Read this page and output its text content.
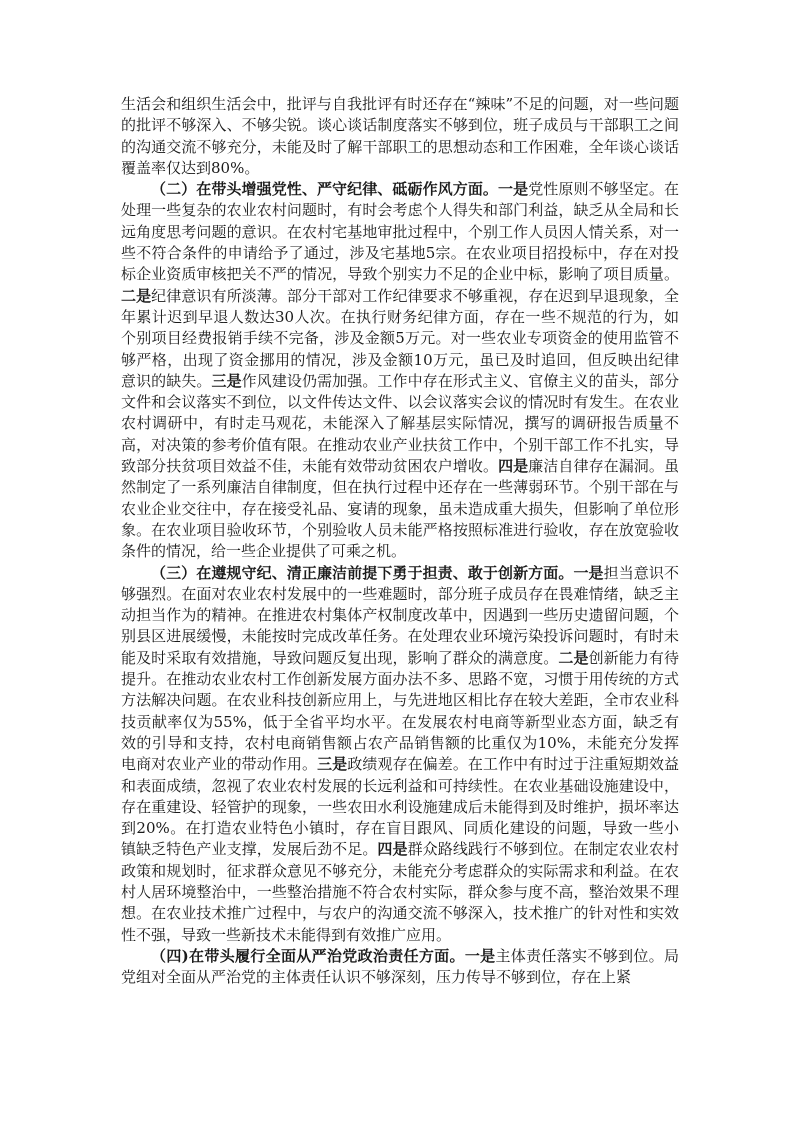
生活会和组织生活会中，批评与自我批评有时还存在“辣味”不足的问题，对一些问题的批评不够深入、不够尖锐。谈心谈话制度落实不够到位，班子成员与干部职工之间的沟通交流不够充分，未能及时了解干部职工的思想动态和工作困难，全年谈心谈话覆盖率仅达到80%。

（二）在带头增强党性、严守纪律、砥砺作风方面。一是党性原则不够坚定。在处理一些复杂的农业农村问题时，有时会考虑个人得失和部门利益，缺乏从全局和长远角度思考问题的意识。在农村宅基地审批过程中，个别工作人员因人情关系，对一些不符合条件的申请给予了通过，涉及宅基地5宗。在农业项目招投标中，存在对投标企业资质审核把关不严的情况，导致个别实力不足的企业中标，影响了项目质量。二是纪律意识有所淡薄。部分干部对工作纪律要求不够重视，存在迟到早退现象，全年累计迟到早退人数达30人次。在执行财务纪律方面，存在一些不规范的行为，如个别项目经费报销手续不完备，涉及金额5万元。对一些农业专项资金的使用监管不够严格，出现了资金挪用的情况，涉及金额10万元，虽已及时追回，但反映出纪律意识的缺失。三是作风建设仍需加强。工作中存在形式主义、官僚主义的苗头，部分文件和会议落实不到位，以文件传达文件、以会议落实会议的情况时有发生。在农业农村调研中，有时走马观花，未能深入了解基层实际情况，撰写的调研报告质量不高，对决策的参考价值有限。在推动农业产业扶贫工作中，个别干部工作不扎实，导致部分扶贫项目效益不佳，未能有效带动贫困农户增收。四是廉洁自律存在漏洞。虽然制定了一系列廉洁自律制度，但在执行过程中还存在一些薄弱环节。个别干部在与农业企业交往中，存在接受礼品、宴请的现象，虽未造成重大损失，但影响了单位形象。在农业项目验收环节，个别验收人员未能严格按照标准进行验收，存在放宽验收条件的情况，给一些企业提供了可乘之机。

（三）在遵规守纪、清正廉洁前提下勇于担责、敢于创新方面。一是担当意识不够强烈。在面对农业农村发展中的一些难题时，部分班子成员存在畏难情绪，缺乏主动担当作为的精神。在推进农村集体产权制度改革中，因遇到一些历史遗留问题，个别县区进展缓慢，未能按时完成改革任务。在处理农业环境污染投诉问题时，有时未能及时采取有效措施，导致问题反复出现，影响了群众的满意度。二是创新能力有待提升。在推动农业农村工作创新发展方面办法不多、思路不宽，习惯于用传统的方式方法解决问题。在农业科技创新应用上，与先进地区相比存在较大差距，全市农业科技贡献率仅为55%，低于全省平均水平。在发展农村电商等新型业态方面，缺乏有效的引导和支持，农村电商销售额占农产品销售额的比重仅为10%，未能充分发挥电商对农业产业的带动作用。三是政绩观存在偏差。在工作中有时过于注重短期效益和表面成绩，忽视了农业农村发展的长远利益和可持续性。在农业基础设施建设中，存在重建设、轻管护的现象，一些农田水利设施建成后未能得到及时维护，损坏率达到20%。在打造农业特色小镇时，存在盲目跟风、同质化建设的问题，导致一些小镇缺乏特色产业支撑，发展后劲不足。四是群众路线践行不够到位。在制定农业农村政策和规划时，征求群众意见不够充分，未能充分考虑群众的实际需求和利益。在农村人居环境整治中，一些整治措施不符合农村实际，群众参与度不高，整治效果不理想。在农业技术推广过程中，与农户的沟通交流不够深入，技术推广的针对性和实效性不强，导致一些新技术未能得到有效推广应用。

（四)在带头履行全面从严治党政治责任方面。一是主体责任落实不够到位。局党组对全面从严治党的主体责任认识不够深刻，压力传导不够到位，存在上紧
